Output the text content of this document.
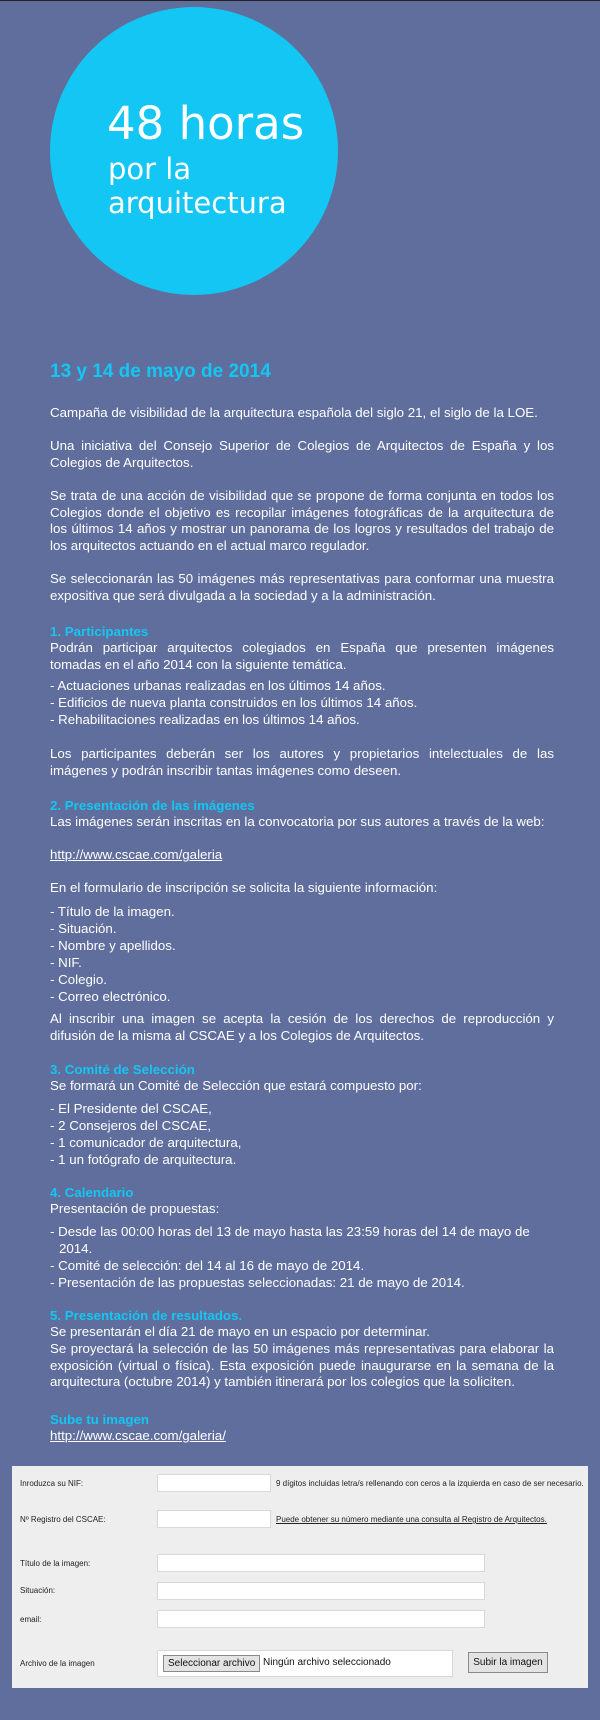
48 horas
por la
arquitectura
13 y 14 de mayo de 2014
Campaña de visibilidad de la arquitectura española del siglo 21, el siglo de la LOE.
Una iniciativa del Consejo Superior de Colegios de Arquitectos de España y los Colegios de Arquitectos.
Se trata de una acción de visibilidad que se propone de forma conjunta en todos los Colegios donde el objetivo es recopilar imágenes fotográficas de la arquitectura de los últimos 14 años y mostrar un panorama de los logros y resultados del trabajo de los arquitectos actuando en el actual marco regulador.
Se seleccionarán las 50 imágenes más representativas para conformar una muestra expositiva que será divulgada a la sociedad y a la administración.
1. Participantes
Podrán participar arquitectos colegiados en España que presenten imágenes tomadas en el año 2014 con la siguiente temática.
- Actuaciones urbanas realizadas en los últimos 14 años.
- Edificios de nueva planta construidos en los últimos 14 años.
- Rehabilitaciones realizadas en los últimos 14 años.
Los participantes deberán ser los autores y propietarios intelectuales de las imágenes y podrán inscribir tantas imágenes como deseen.
2. Presentación de las imágenes
Las imágenes serán inscritas en la convocatoria por sus autores a través de la web:
http://www.cscae.com/galeria
En el formulario de inscripción se solicita la siguiente información:
- Título de la imagen.
- Situación.
- Nombre y apellidos.
- NIF.
- Colegio.
- Correo electrónico.
Al inscribir una imagen se acepta la cesión de los derechos de reproducción y difusión de la misma al CSCAE y a los Colegios de Arquitectos.
3. Comité de Selección
Se formará un Comité de Selección que estará compuesto por:
- El Presidente del CSCAE,
- 2 Consejeros del CSCAE,
- 1 comunicador de arquitectura,
- 1 un fotógrafo de arquitectura.
4. Calendario
Presentación de propuestas:
- Desde las 00:00 horas del 13 de mayo hasta las 23:59 horas del 14 de mayo de
2014.
- Comité de selección: del 14 al 16 de mayo de 2014.
- Presentación de las propuestas seleccionadas: 21 de mayo de 2014.
5. Presentación de resultados.
Se presentarán el día 21 de mayo en un espacio por determinar.
Se proyectará la selección de las 50 imágenes más representativas para elaborar la exposición (virtual o física). Esta exposición puede inaugurarse en la semana de la arquitectura (octubre 2014) y también itinerará por los colegios que la soliciten.
Sube tu imagen
http://www.cscae.com/galeria/
Inroduzca su NIF:	9 dígitos incluidas letra/s rellenando con ceros a la izquierda en caso de ser necesario.
Nº Registro del CSCAE:	Puede obtener su número mediante una consulta al Registro de Arquitectos.
Título de la imagen:
Situación:
email:
Archivo de la imagen	Seleccionar archivo Ningún archivo seleccionado	Subir la imagen
